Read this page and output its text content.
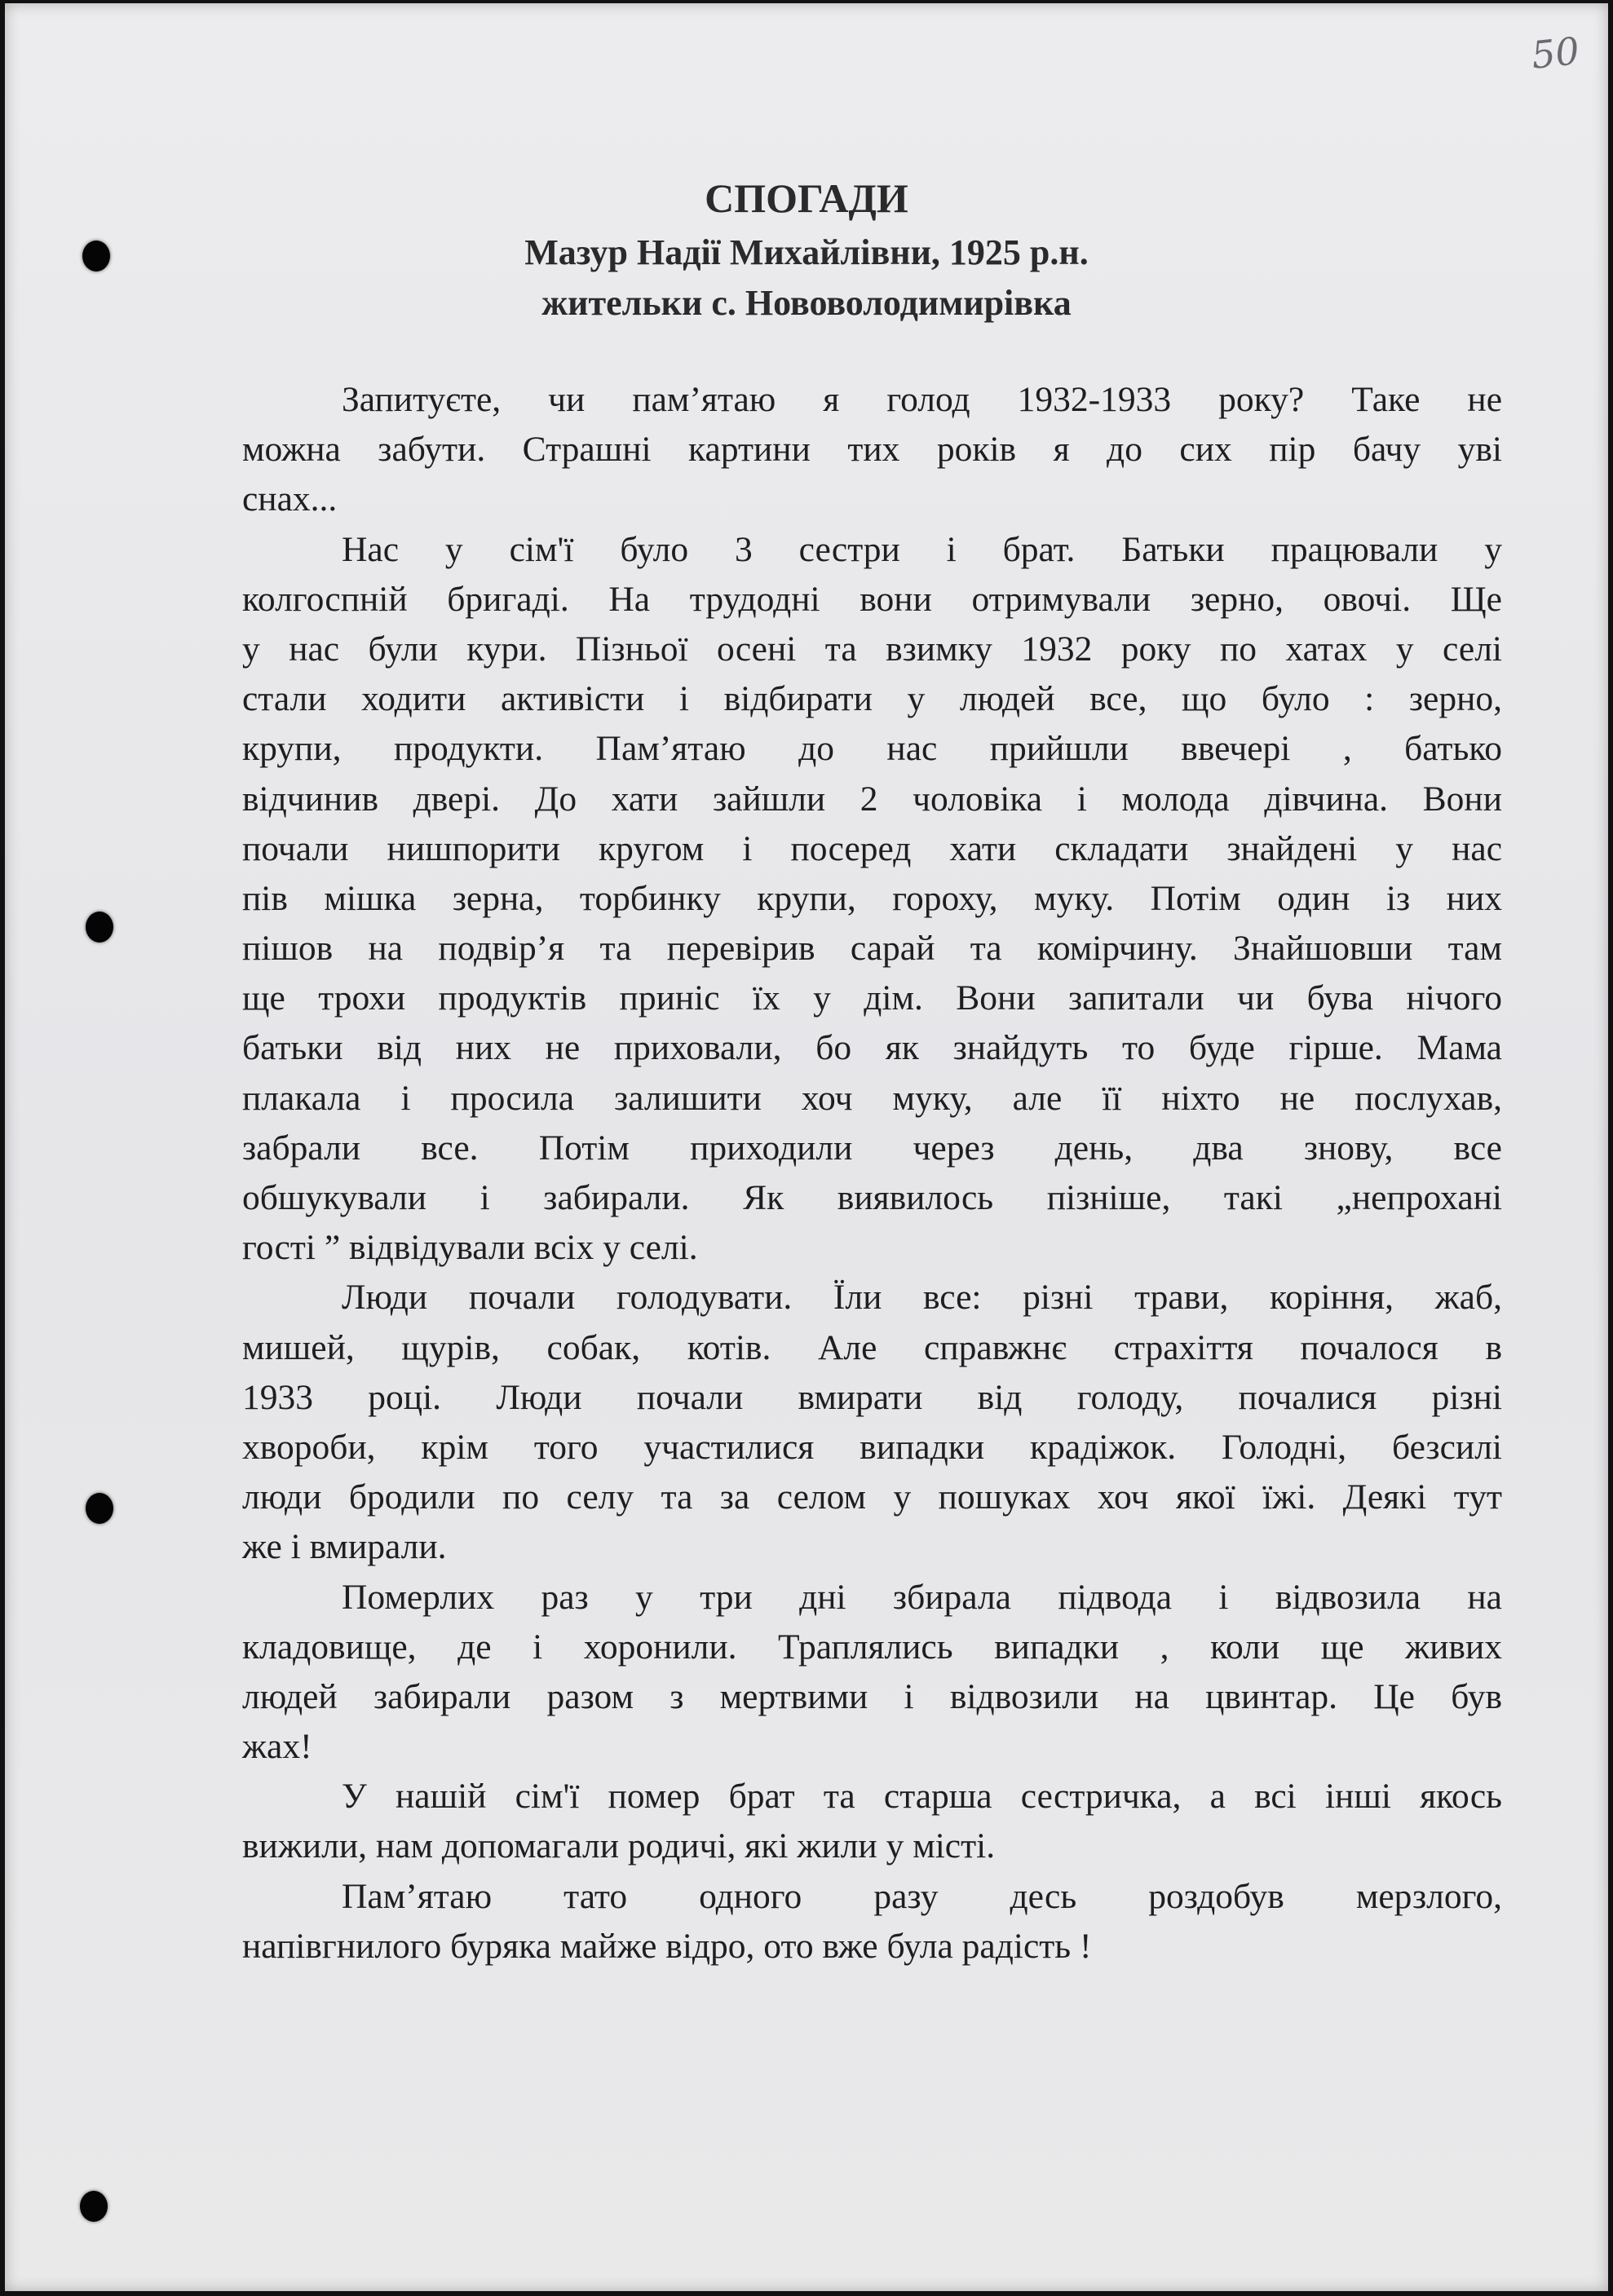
50
СПОГАДИ
Мазур Надії Михайлівни, 1925 р.н.
жительки с. Нововолодимирівка
Запитуєте, чи пам’ятаю я голод 1932-1933 року? Таке не
можна забути. Страшні картини тих років я до сих пір бачу уві
снах...
Нас у сім'ї було 3 сестри і брат. Батьки працювали у
колгоспній бригаді. На трудодні вони отримували зерно, овочі. Ще
у нас були кури. Пізньої осені та взимку 1932 року по хатах у селі
стали ходити активісти і відбирати у людей все, що було : зерно,
крупи, продукти. Пам’ятаю до нас прийшли ввечері , батько
відчинив двері. До хати зайшли 2 чоловіка і молода дівчина. Вони
почали нишпорити кругом і посеред хати складати знайдені у нас
пів мішка зерна, торбинку крупи, гороху, муку. Потім один із них
пішов на подвір’я та перевірив сарай та комірчину. Знайшовши там
ще трохи продуктів приніс їх у дім. Вони запитали чи бува нічого
батьки від них не приховали, бо як знайдуть то буде гірше. Мама
плакала і просила залишити хоч муку, але її ніхто не послухав,
забрали все. Потім приходили через день, два знову, все
обшукували і забирали. Як виявилось пізніше, такі „непрохані
гості ” відвідували всіх у селі.
Люди почали голодувати. Їли все: різні трави, коріння, жаб,
мишей, щурів, собак, котів. Але справжнє страхіття почалося в
1933 році. Люди почали вмирати від голоду, почалися різні
хвороби, крім того участилися випадки крадіжок. Голодні, безсилі
люди бродили по селу та за селом у пошуках хоч якої їжі. Деякі тут
же і вмирали.
Померлих раз у три дні збирала підвода і відвозила на
кладовище, де і хоронили. Траплялись випадки , коли ще живих
людей забирали разом з мертвими і відвозили на цвинтар. Це був
жах!
У нашій сім'ї помер брат та старша сестричка, а всі інші якось
вижили, нам допомагали родичі, які жили у місті.
Пам’ятаю тато одного разу десь роздобув мерзлого,
напівгнилого буряка майже відро, ото вже була радість !
